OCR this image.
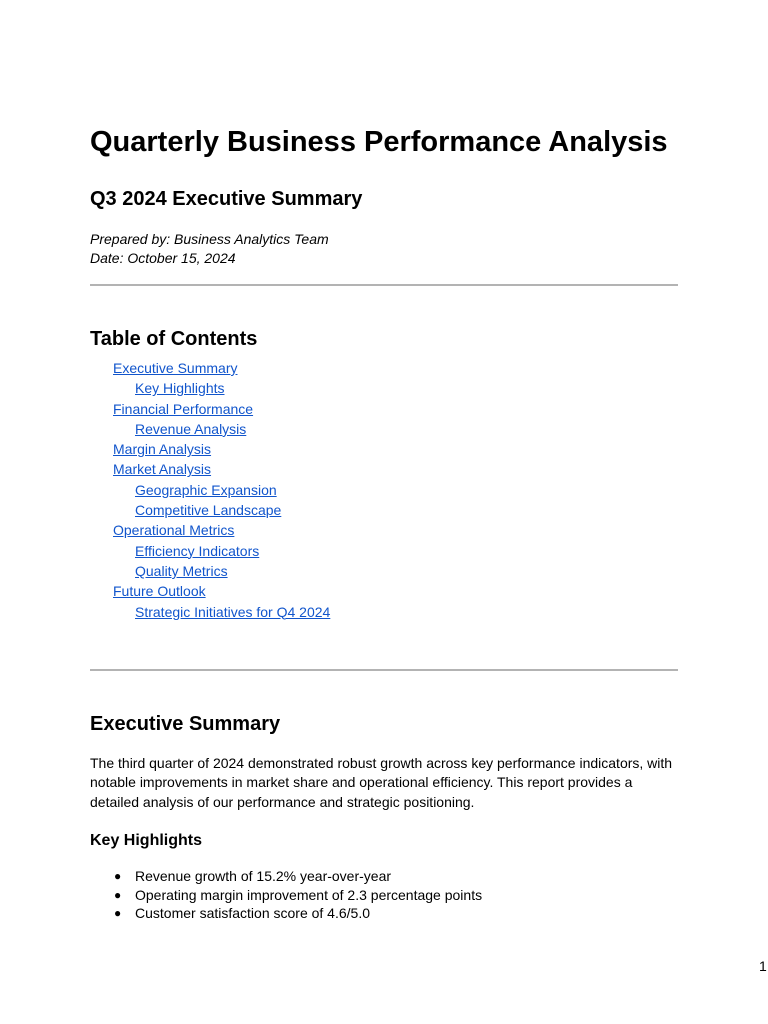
Quarterly Business Performance Analysis
Q3 2024 Executive Summary
Prepared by: Business Analytics Team
Date: October 15, 2024
Table of Contents
Executive Summary
Key Highlights
Financial Performance
Revenue Analysis
Margin Analysis
Market Analysis
Geographic Expansion
Competitive Landscape
Operational Metrics
Efficiency Indicators
Quality Metrics
Future Outlook
Strategic Initiatives for Q4 2024
Executive Summary

The third quarter of 2024 demonstrated robust growth across key performance indicators, with notable improvements in market share and operational efficiency. This report provides a detailed analysis of our performance and strategic positioning.

Key Highlights
● Revenue growth of 15.2% year-over-year
● Operating margin improvement of 2.3 percentage points
● Customer satisfaction score of 4.6/5.0
1
